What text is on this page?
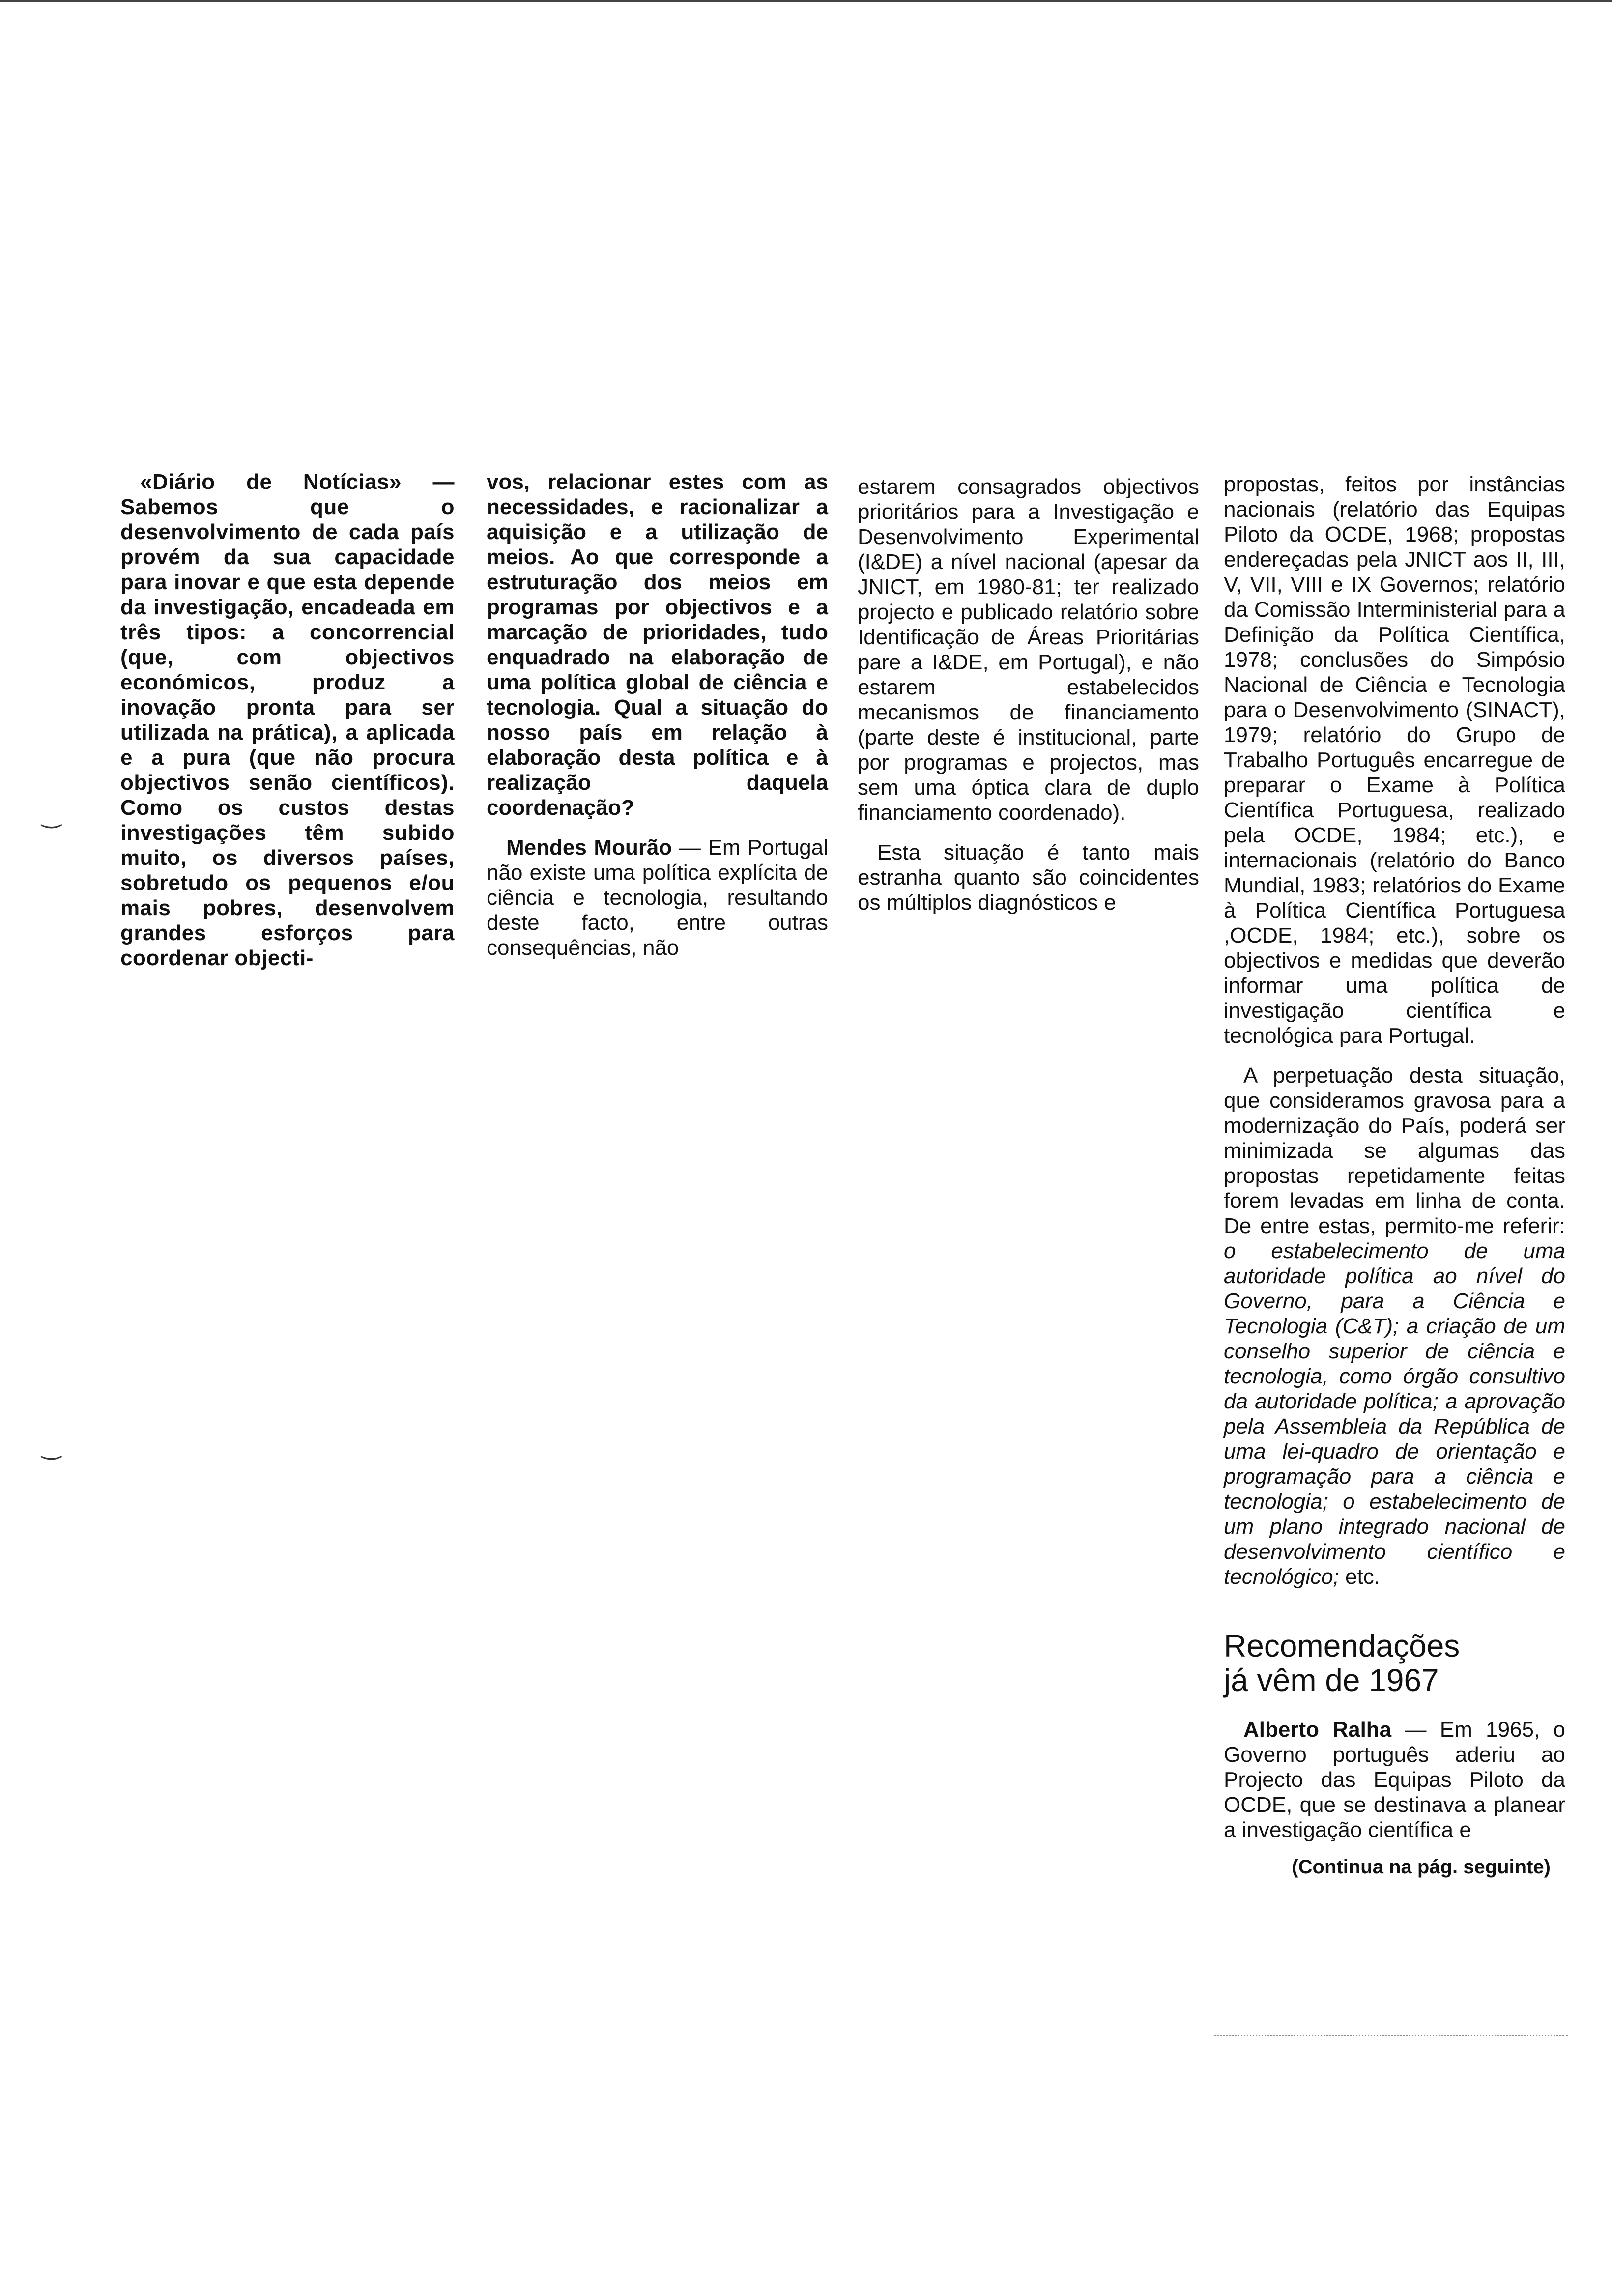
«Diário de Notícias» — Sabemos que o desenvolvimento de cada país provém da sua capacidade para inovar e que esta depende da investigação, encadeada em três tipos: a concorrencial (que, com objectivos económicos, produz a inovação pronta para ser utilizada na prática), a aplicada e a pura (que não procura objectivos senão científicos). Como os custos destas investigações têm subido muito, os diversos países, sobretudo os pequenos e/ou mais pobres, desenvolvem grandes esforços para coordenar objecti-

vos, relacionar estes com as necessidades, e racionalizar a aquisição e a utilização de meios. Ao que corresponde a estruturação dos meios em programas por objectivos e a marcação de prioridades, tudo enquadrado na elaboração de uma política global de ciência e tecnologia. Qual a situação do nosso país em relação à elaboração desta política e à realização daquela coordenação?

Mendes Mourão — Em Portugal não existe uma política explícita de ciência e tecnologia, resultando deste facto, entre outras consequências, não

estarem consagrados objectivos prioritários para a Investigação e Desenvolvimento Experimental (I&DE) a nível nacional (apesar da JNICT, em 1980-81; ter realizado projecto e publicado relatório sobre Identificação de Áreas Prioritárias pare a I&DE, em Portugal), e não estarem estabelecidos mecanismos de financiamento (parte deste é institucional, parte por programas e projectos, mas sem uma óptica clara de duplo financiamento coordenado).

Esta situação é tanto mais estranha quanto são coincidentes os múltiplos diagnósticos e

propostas, feitos por instâncias nacionais (relatório das Equipas Piloto da OCDE, 1968; propostas endereçadas pela JNICT aos II, III, V, VII, VIII e IX Governos; relatório da Comissão Interministerial para a Definição da Política Científica, 1978; conclusões do Simpósio Nacional de Ciência e Tecnologia para o Desenvolvimento (SINACT), 1979; relatório do Grupo de Trabalho Português encarregue de preparar o Exame à Política Científica Portuguesa, realizado pela OCDE, 1984; etc.), e internacionais (relatório do Banco Mundial, 1983; relatórios do Exame à Política Científica Portuguesa ,OCDE, 1984; etc.), sobre os objectivos e medidas que deverão informar uma política de investigação científica e tecnológica para Portugal.

A perpetuação desta situação, que consideramos gravosa para a modernização do País, poderá ser minimizada se algumas das propostas repetidamente feitas forem levadas em linha de conta. De entre estas, permito-me referir: o estabelecimento de uma autoridade política ao nível do Governo, para a Ciência e Tecnologia (C&T); a criação de um conselho superior de ciência e tecnologia, como órgão consultivo da autoridade política; a aprovação pela Assembleia da República de uma lei-quadro de orientação e programação para a ciência e tecnologia; o estabelecimento de um plano integrado nacional de desenvolvimento científico e tecnológico; etc.

Recomendações
já vêm de 1967

Alberto Ralha — Em 1965, o Governo português aderiu ao Projecto das Equipas Piloto da OCDE, que se destinava a planear a investigação científica e

(Continua na pág. seguinte)

‿
‿
